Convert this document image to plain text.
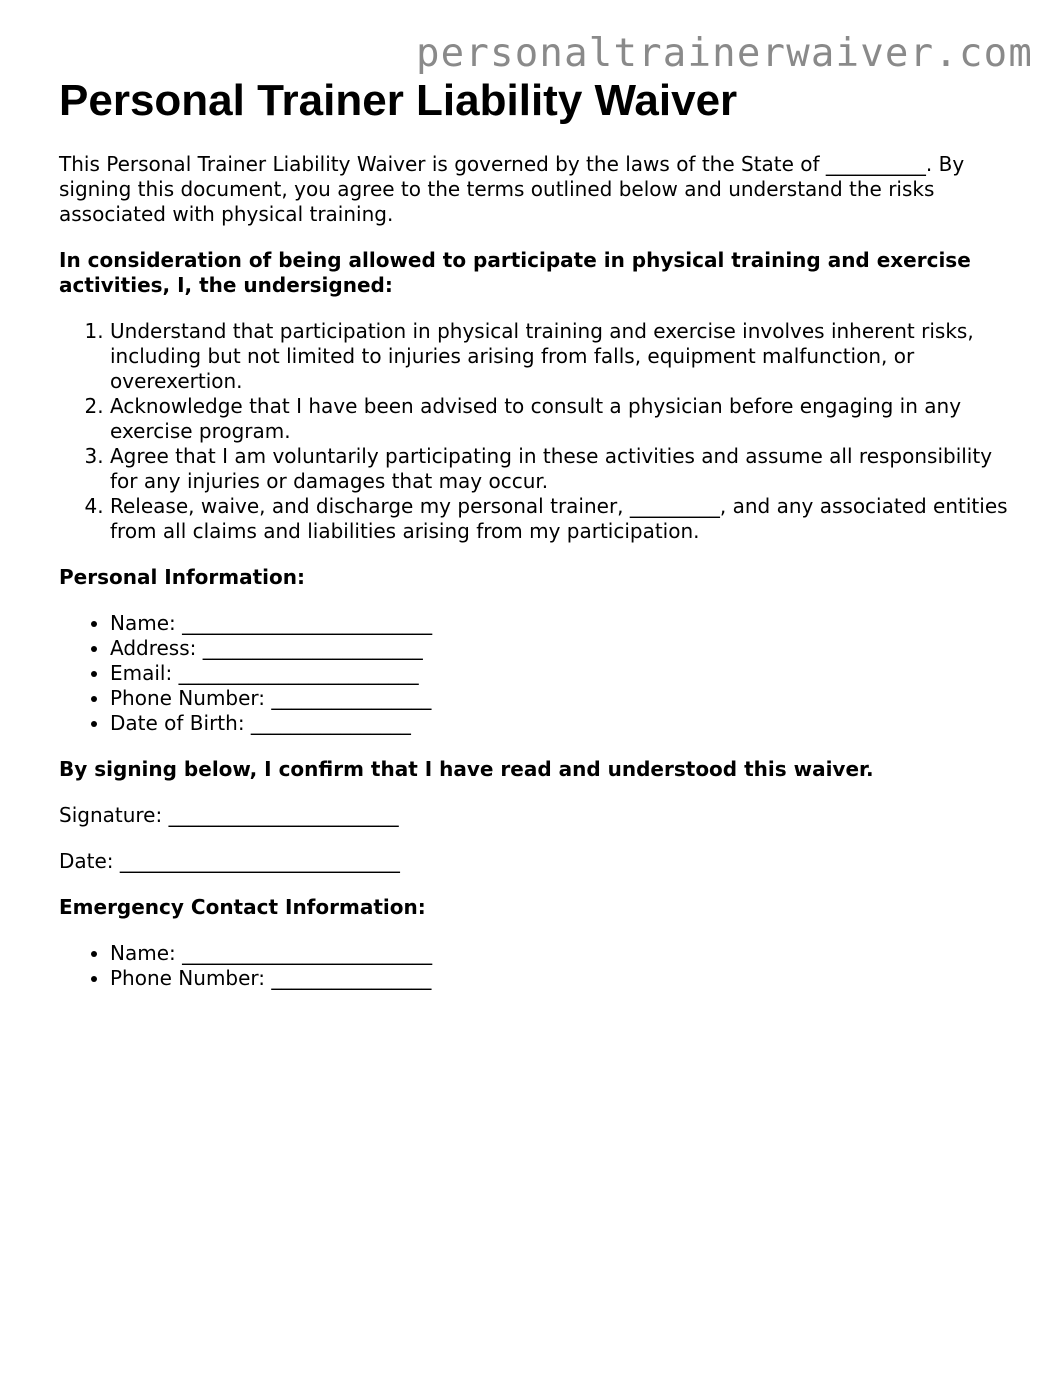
personaltrainerwaiver.com
Personal Trainer Liability Waiver

This Personal Trainer Liability Waiver is governed by the laws of the State of __________. By signing this document, you agree to the terms outlined below and understand the risks associated with physical training.

In consideration of being allowed to participate in physical training and exercise activities, I, the undersigned:

1. Understand that participation in physical training and exercise involves inherent risks, including but not limited to injuries arising from falls, equipment malfunction, or overexertion.
2. Acknowledge that I have been advised to consult a physician before engaging in any exercise program.
3. Agree that I am voluntarily participating in these activities and assume all responsibility for any injuries or damages that may occur.
4. Release, waive, and discharge my personal trainer, _________, and any associated entities from all claims and liabilities arising from my participation.

Personal Information:

• Name: _________________________
• Address: ______________________
• Email: ________________________
• Phone Number: ________________
• Date of Birth: ________________

By signing below, I confirm that I have read and understood this waiver.

Signature: _______________________

Date: ____________________________

Emergency Contact Information:

• Name: _________________________
• Phone Number: ________________
